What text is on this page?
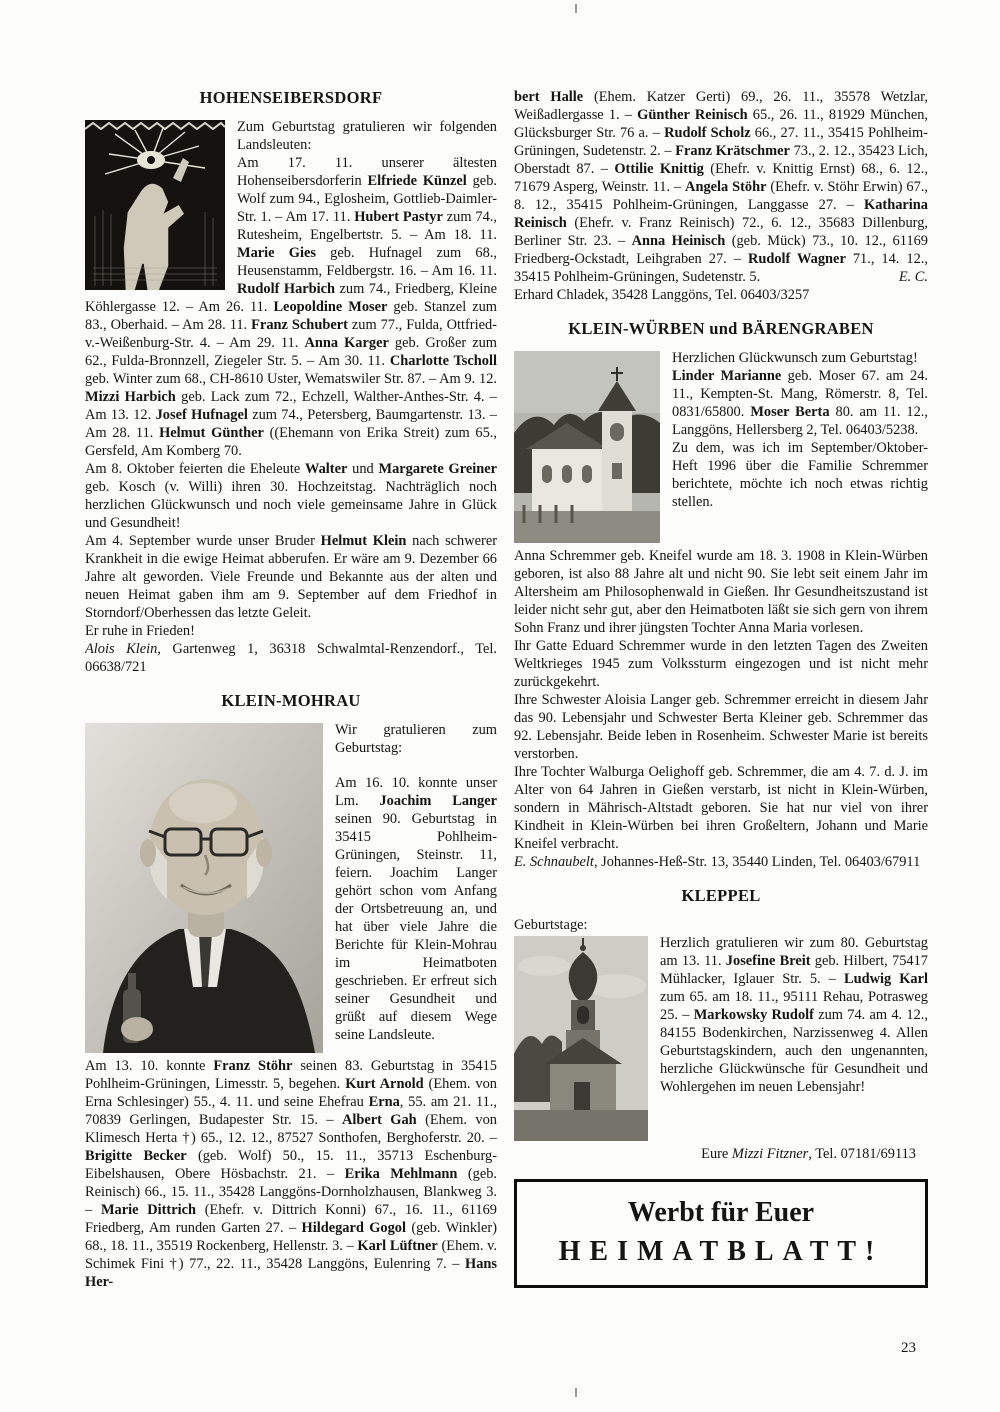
HOHENSEIBERSDORF

Zum Geburtstag gratulieren wir folgenden Landsleuten:

Am 17. 11. unserer ältesten Hohenseibersdorferin Elfriede Künzel geb. Wolf zum 94., Eglosheim, Gottlieb-Daimler-Str. 1. – Am 17. 11. Hubert Pastyr zum 74., Rutesheim, Engelbertstr. 5. – Am 18. 11. Marie Gies geb. Hufnagel zum 68., Heusenstamm, Feldbergstr. 16. – Am 16. 11. Rudolf Harbich zum 74., Friedberg, Kleine Köhlergasse 12. – Am 26. 11. Leopoldine Moser geb. Stanzel zum 83., Oberhaid. – Am 28. 11. Franz Schubert zum 77., Fulda, Ottfried-v.-Weißenburg-Str. 4. – Am 29. 11. Anna Karger geb. Großer zum 62., Fulda-Bronnzell, Ziegeler Str. 5. – Am 30. 11. Charlotte Tscholl geb. Winter zum 68., CH-8610 Uster, Wematswiler Str. 87. – Am 9. 12. Mizzi Harbich geb. Lack zum 72., Echzell, Walther-Anthes-Str. 4. – Am 13. 12. Josef Hufnagel zum 74., Petersberg, Baumgartenstr. 13. – Am 28. 11. Helmut Günther ((Ehemann von Erika Streit) zum 65., Gersfeld, Am Komberg 70.

Am 8. Oktober feierten die Eheleute Walter und Margarete Greiner geb. Kosch (v. Willi) ihren 30. Hochzeitstag. Nachträglich noch herzlichen Glückwunsch und noch viele gemeinsame Jahre in Glück und Gesundheit!

Am 4. September wurde unser Bruder Helmut Klein nach schwerer Krankheit in die ewige Heimat abberufen. Er wäre am 9. Dezember 66 Jahre alt geworden. Viele Freunde und Bekannte aus der alten und neuen Heimat gaben ihm am 9. September auf dem Friedhof in Storndorf/Oberhessen das letzte Geleit.

Er ruhe in Frieden!

Alois Klein, Gartenweg 1, 36318 Schwalmtal-Renzendorf., Tel. 06638/721

KLEIN-MOHRAU

Wir gratulieren zum Geburtstag:

Am 16. 10. konnte unser Lm. Joachim Langer seinen 90. Geburtstag in 35415 Pohlheim-Grüningen, Steinstr. 11, feiern. Joachim Langer gehört schon vom Anfang der Ortsbetreuung an, und hat über viele Jahre die Berichte für Klein-Mohrau im Heimatboten geschrieben. Er erfreut sich seiner Gesundheit und grüßt auf diesem Wege seine Landsleute.

Am 13. 10. konnte Franz Stöhr seinen 83. Geburtstag in 35415 Pohlheim-Grüningen, Limesstr. 5, begehen. Kurt Arnold (Ehem. von Erna Schlesinger) 55., 4. 11. und seine Ehefrau Erna, 55. am 21. 11., 70839 Gerlingen, Budapester Str. 15. – Albert Gah (Ehem. von Klimesch Herta †) 65., 12. 12., 87527 Sonthofen, Berghoferstr. 20. – Brigitte Becker (geb. Wolf) 50., 15. 11., 35713 Eschenburg-Eibelshausen, Obere Hösbachstr. 21. – Erika Mehlmann (geb. Reinisch) 66., 15. 11., 35428 Langgöns-Dornholzhausen, Blankweg 3. – Marie Dittrich (Ehefr. v. Dittrich Konni) 67., 16. 11., 61169 Friedberg, Am runden Garten 27. – Hildegard Gogol (geb. Winkler) 68., 18. 11., 35519 Rockenberg, Hellenstr. 3. – Karl Lüftner (Ehem. v. Schimek Fini †) 77., 22. 11., 35428 Langgöns, Eulenring 7. – Hans Her-

bert Halle (Ehem. Katzer Gerti) 69., 26. 11., 35578 Wetzlar, Weißadlergasse 1. – Günther Reinisch 65., 26. 11., 81929 München, Glücksburger Str. 76 a. – Rudolf Scholz 66., 27. 11., 35415 Pohlheim-Grüningen, Sudetenstr. 2. – Franz Krätschmer 73., 2. 12., 35423 Lich, Oberstadt 87. – Ottilie Knittig (Ehefr. v. Knittig Ernst) 68., 6. 12., 71679 Asperg, Weinstr. 11. – Angela Stöhr (Ehefr. v. Stöhr Erwin) 67., 8. 12., 35415 Pohlheim-Grüningen, Langgasse 27. – Katharina Reinisch (Ehefr. v. Franz Reinisch) 72., 6. 12., 35683 Dillenburg, Berliner Str. 23. – Anna Heinisch (geb. Mück) 73., 10. 12., 61169 Friedberg-Ockstadt, Leihgraben 27. – Rudolf Wagner 71., 14. 12., 35415 Pohlheim-Grüningen, Sudetenstr. 5.	E. C.

Erhard Chladek, 35428 Langgöns, Tel. 06403/3257

KLEIN-WÜRBEN und BÄRENGRABEN

Herzlichen Glückwunsch zum Geburtstag!

Linder Marianne geb. Moser 67. am 24. 11., Kempten-St. Mang, Römerstr. 8, Tel. 0831/65800. Moser Berta 80. am 11. 12., Langgöns, Hellersberg 2, Tel. 06403/5238.

Zu dem, was ich im September/Oktober-Heft 1996 über die Familie Schremmer berichtete, möchte ich noch etwas richtig stellen.

Anna Schremmer geb. Kneifel wurde am 18. 3. 1908 in Klein-Würben geboren, ist also 88 Jahre alt und nicht 90. Sie lebt seit einem Jahr im Altersheim am Philosophenwald in Gießen. Ihr Gesundheitszustand ist leider nicht sehr gut, aber den Heimatboten läßt sie sich gern von ihrem Sohn Franz und ihrer jüngsten Tochter Anna Maria vorlesen.

Ihr Gatte Eduard Schremmer wurde in den letzten Tagen des Zweiten Weltkrieges 1945 zum Volkssturm eingezogen und ist nicht mehr zurückgekehrt.

Ihre Schwester Aloisia Langer geb. Schremmer erreicht in diesem Jahr das 90. Lebensjahr und Schwester Berta Kleiner geb. Schremmer das 92. Lebensjahr. Beide leben in Rosenheim. Schwester Marie ist bereits verstorben.

Ihre Tochter Walburga Oelighoff geb. Schremmer, die am 4. 7. d. J. im Alter von 64 Jahren in Gießen verstarb, ist nicht in Klein-Würben, sondern in Mährisch-Altstadt geboren. Sie hat nur viel von ihrer Kindheit in Klein-Würben bei ihren Großeltern, Johann und Marie Kneifel verbracht.

E. Schnaubelt, Johannes-Heß-Str. 13, 35440 Linden, Tel. 06403/67911

KLEPPEL

Geburtstage:

Herzlich gratulieren wir zum 80. Geburtstag am 13. 11. Josefine Breit geb. Hilbert, 75417 Mühlacker, Iglauer Str. 5. – Ludwig Karl zum 65. am 18. 11., 95111 Rehau, Potrasweg 25. – Markowsky Rudolf zum 74. am 4. 12., 84155 Bodenkirchen, Narzissenweg 4. Allen Geburtstagskindern, auch den ungenannten, herzliche Glückwünsche für Gesundheit und Wohlergehen im neuen Lebensjahr!

Eure Mizzi Fitzner, Tel. 07181/69113

Werbt für Euer
HEIMATBLATT!
23
